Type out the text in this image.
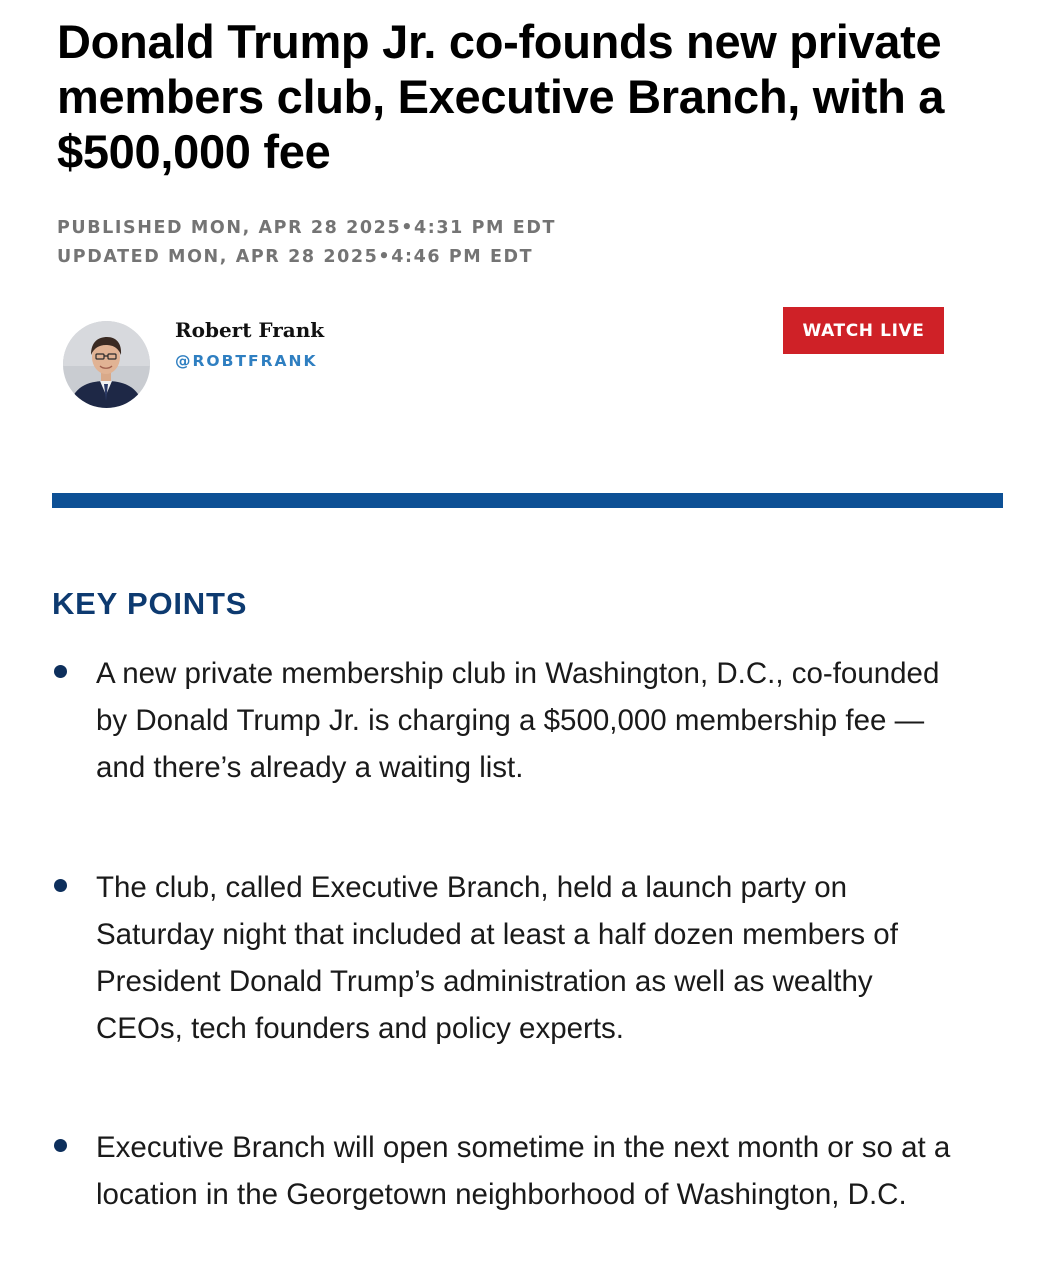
Donald Trump Jr. co-founds new private members club, Executive Branch, with a $500,000 fee
PUBLISHED MON, APR 28 2025•4:31 PM EDT
UPDATED MON, APR 28 2025•4:46 PM EDT
Robert Frank
@ROBTFRANK
WATCH LIVE
KEY POINTS
A new private membership club in Washington, D.C., co-founded by Donald Trump Jr. is charging a $500,000 membership fee — and there’s already a waiting list.
The club, called Executive Branch, held a launch party on Saturday night that included at least a half dozen members of President Donald Trump’s administration as well as wealthy CEOs, tech founders and policy experts.
Executive Branch will open sometime in the next month or so at a location in the Georgetown neighborhood of Washington, D.C.
